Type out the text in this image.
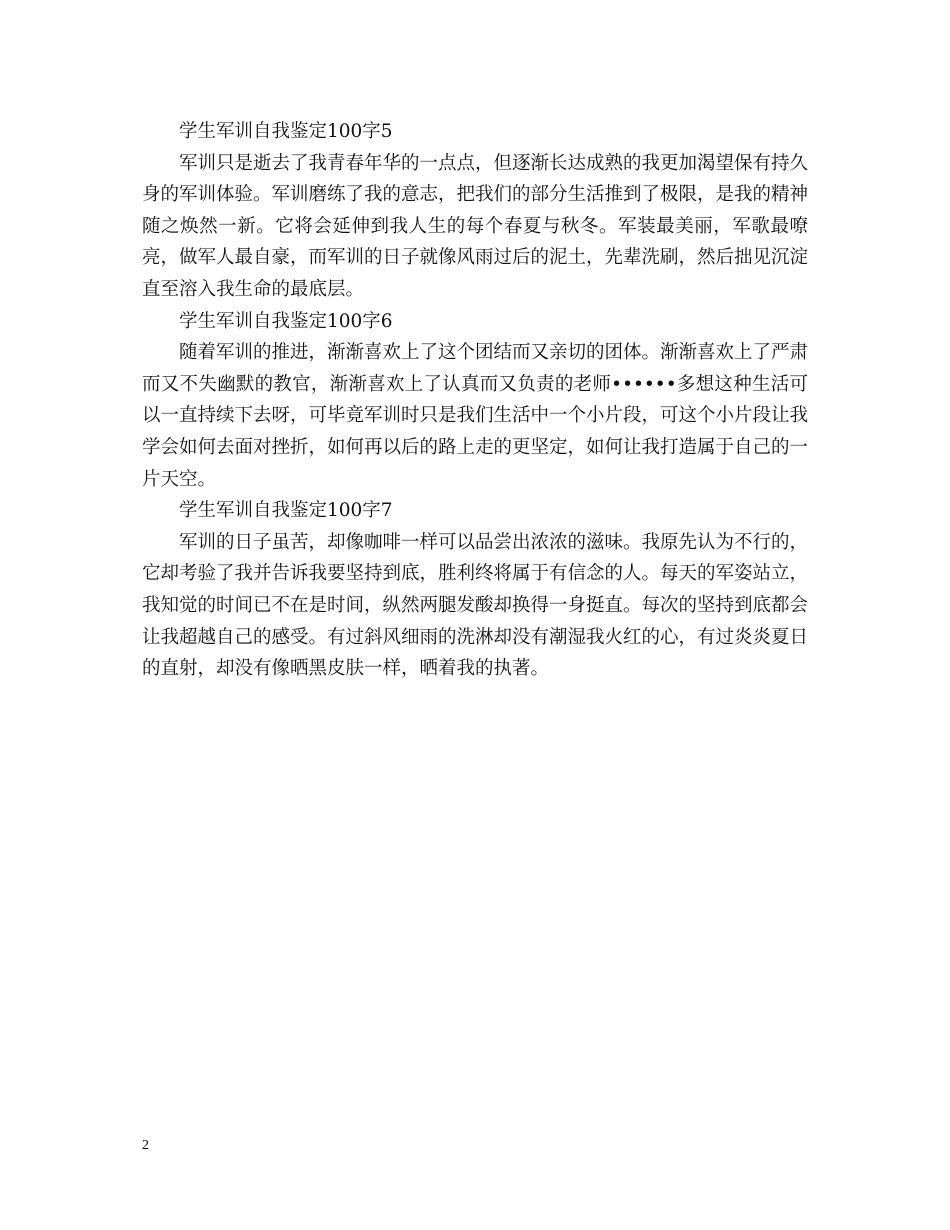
学生军训自我鉴定100字5

军训只是逝去了我青春年华的一点点，但逐渐长达成熟的我更加渴望保有持久身的军训体验。军训磨练了我的意志，把我们的部分生活推到了极限，是我的精神随之焕然一新。它将会延伸到我人生的每个春夏与秋冬。军装最美丽，军歌最嘹亮，做军人最自豪，而军训的日子就像风雨过后的泥土，先辈洗刷，然后拙见沉淀直至溶入我生命的最底层。

学生军训自我鉴定100字6

随着军训的推进，渐渐喜欢上了这个团结而又亲切的团体。渐渐喜欢上了严肃而又不失幽默的教官，渐渐喜欢上了认真而又负责的老师••••••多想这种生活可以一直持续下去呀，可毕竟军训时只是我们生活中一个小片段，可这个小片段让我学会如何去面对挫折，如何再以后的路上走的更坚定，如何让我打造属于自己的一片天空。

学生军训自我鉴定100字7

军训的日子虽苦，却像咖啡一样可以品尝出浓浓的滋味。我原先认为不行的，它却考验了我并告诉我要坚持到底，胜利终将属于有信念的人。每天的军姿站立，我知觉的时间已不在是时间，纵然两腿发酸却换得一身挺直。每次的坚持到底都会让我超越自己的感受。有过斜风细雨的洗淋却没有潮湿我火红的心，有过炎炎夏日的直射，却没有像晒黑皮肤一样，晒着我的执著。

2
